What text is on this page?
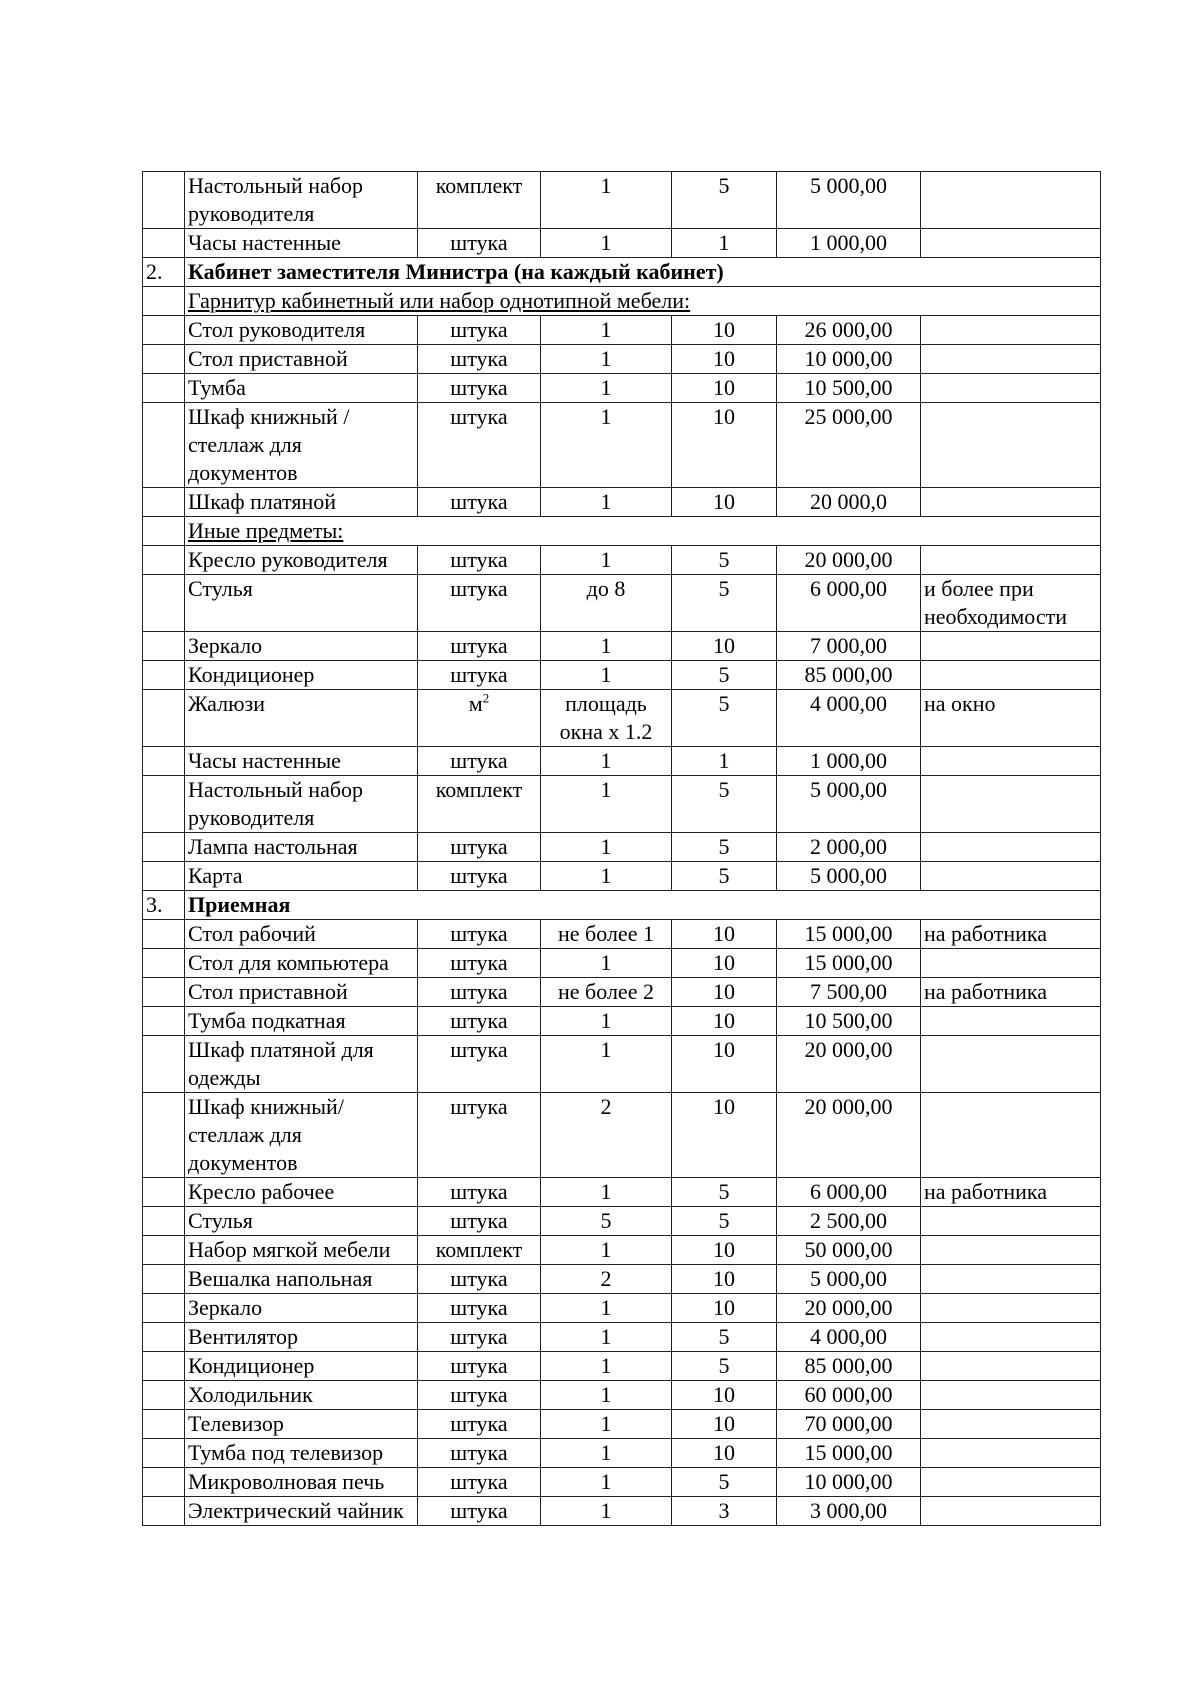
	Настольный набор руководителя	комплект	1	5	5 000,00	
	Часы настенные	штука	1	1	1 000,00	
2.	Кабинет заместителя Министра (на каждый кабинет)					
	Гарнитур кабинетный или набор однотипной мебели:					
	Стол руководителя	штука	1	10	26 000,00	
	Стол приставной	штука	1	10	10 000,00	
	Тумба	штука	1	10	10 500,00	
	Шкаф книжный /стеллаж для документов	штука	1	10	25 000,00	
	Шкаф платяной	штука	1	10	20 000,0	
	Иные предметы:					
	Кресло руководителя	штука	1	5	20 000,00	
	Стулья	штука	до 8	5	6 000,00	и более при необходимости
	Зеркало	штука	1	10	7 000,00	
	Кондиционер	штука	1	5	85 000,00	
	Жалюзи	$м^2$	площадь окна х 1.2	5	4 000,00	на окно
	Часы настенные	штука	1	1	1 000,00	
	Настольный набор руководителя	комплект	1	5	5 000,00	
	Лампа настольная	штука	1	5	2 000,00	
	Карта	штука	1	5	5 000,00	
3.	Приемная					
	Стол рабочий	штука	не более 1	10	15 000,00	на работника
	Стол для компьютера	штука	1	10	15 000,00	
	Стол приставной	штука	не более 2	10	7 500,00	на работника
	Тумба подкатная	штука	1	10	10 500,00	
	Шкаф платяной для одежды	штука	1	10	20 000,00	
	Шкаф книжный/ стеллаж для документов	штука	2	10	20 000,00	
	Кресло рабочее	штука	1	5	6 000,00	на работника
	Стулья	штука	5	5	2 500,00	
	Набор мягкой мебели	комплект	1	10	50 000,00	
	Вешалка напольная	штука	2	10	5 000,00	
	Зеркало	штука	1	10	20 000,00	
	Вентилятор	штука	1	5	4 000,00	
	Кондиционер	штука	1	5	85 000,00	
	Холодильник	штука	1	10	60 000,00	
	Телевизор	штука	1	10	70 000,00	
	Тумба под телевизор	штука	1	10	15 000,00	
	Микроволновая печь	штука	1	5	10 000,00	
	Электрический чайник	штука	1	3	3 000,00	
